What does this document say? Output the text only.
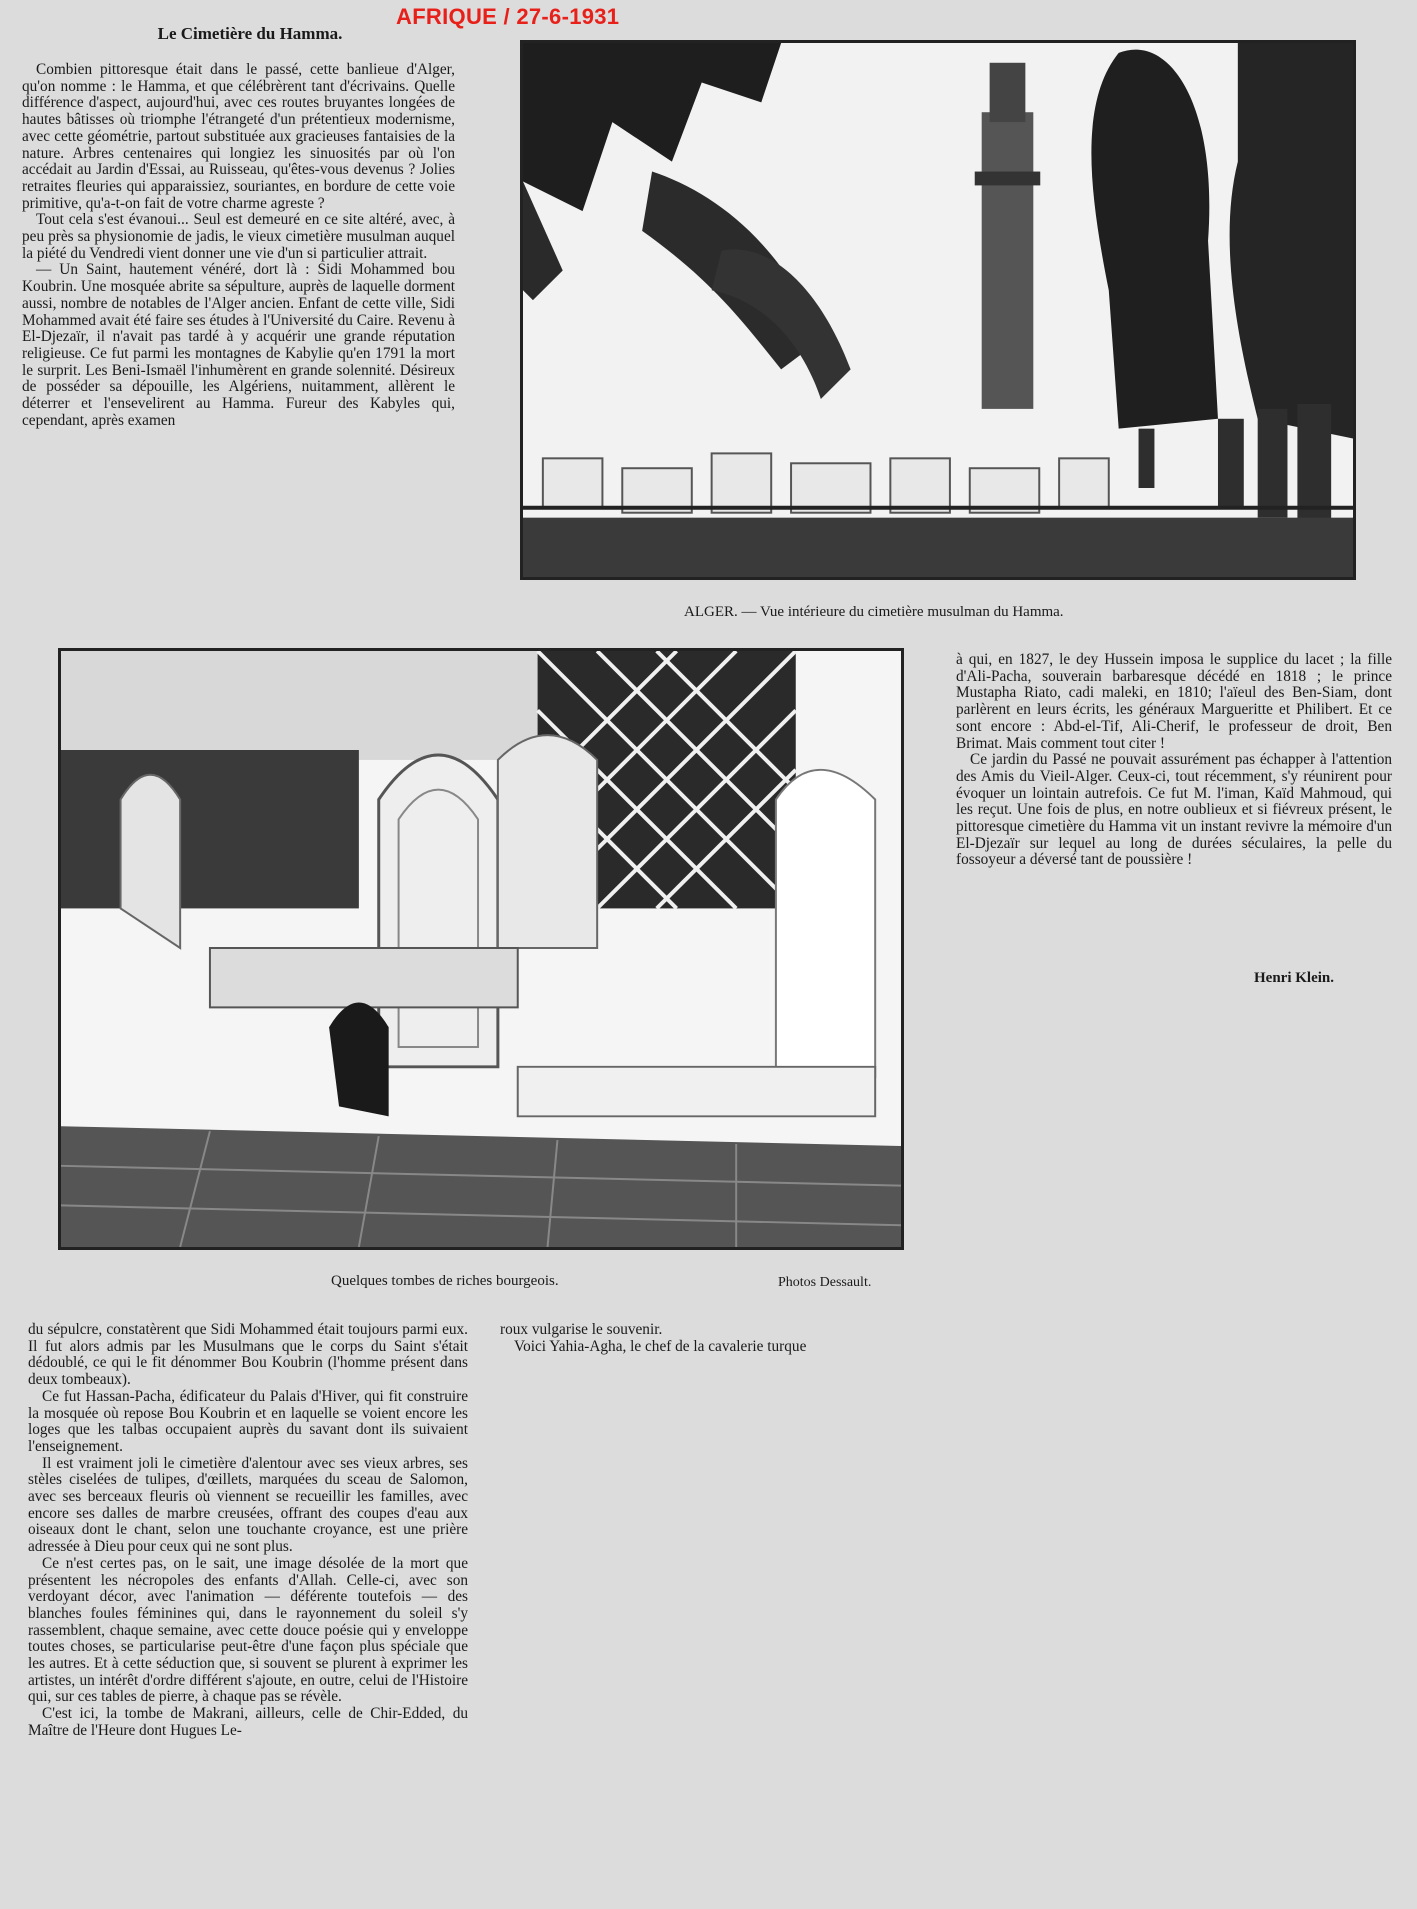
AFRIQUE / 27-6-1931
Le Cimetière du Hamma.

Combien pittoresque était dans le passé, cette banlieue d'Alger, qu'on nomme : le Hamma, et que célébrèrent tant d'écrivains. Quelle différence d'aspect, aujourd'hui, avec ces routes bruyantes longées de hautes bâtisses où triomphe l'étrangeté d'un prétentieux modernisme, avec cette géométrie, partout substituée aux gracieuses fantaisies de la nature. Arbres centenaires qui longiez les sinuosités par où l'on accédait au Jardin d'Essai, au Ruisseau, qu'êtes-vous devenus ? Jolies retraites fleuries qui apparaissiez, souriantes, en bordure de cette voie primitive, qu'a-t-on fait de votre charme agreste ?

Tout cela s'est évanoui... Seul est demeuré en ce site altéré, avec, à peu près sa physionomie de jadis, le vieux cimetière musulman auquel la piété du Vendredi vient donner une vie d'un si particulier attrait.

— Un Saint, hautement vénéré, dort là : Sidi Mohammed bou Koubrin. Une mosquée abrite sa sépulture, auprès de laquelle dorment aussi, nombre de notables de l'Alger ancien. Enfant de cette ville, Sidi Mohammed avait été faire ses études à l'Université du Caire. Revenu à El-Djezaïr, il n'avait pas tardé à y acquérir une grande réputation religieuse. Ce fut parmi les montagnes de Kabylie qu'en 1791 la mort le surprit. Les Beni-Ismaël l'inhumèrent en grande solennité. Désireux de posséder sa dépouille, les Algériens, nuitamment, allèrent le déterrer et l'ensevelirent au Hamma. Fureur des Kabyles qui, cependant, après examen

ALGER. — Vue intérieure du cimetière musulman du Hamma.
Quelques tombes de riches bourgeois.	Photos Dessault.

à qui, en 1827, le dey Hussein imposa le supplice du lacet ; la fille d'Ali-Pacha, souverain barbaresque décédé en 1818 ; le prince Mustapha Riato, cadi maleki, en 1810; l'aïeul des Ben-Siam, dont parlèrent en leurs écrits, les généraux Margueritte et Philibert. Et ce sont encore : Abd-el-Tif, Ali-Cherif, le professeur de droit, Ben Brimat. Mais comment tout citer !

Ce jardin du Passé ne pouvait assurément pas échapper à l'attention des Amis du Vieil-Alger. Ceux-ci, tout récemment, s'y réunirent pour évoquer un lointain autrefois. Ce fut M. l'iman, Kaïd Mahmoud, qui les reçut. Une fois de plus, en notre oublieux et si fiévreux présent, le pittoresque cimetière du Hamma vit un instant revivre la mémoire d'un El-Djezaïr sur lequel au long de durées séculaires, la pelle du fossoyeur a déversé tant de poussière !

Henri Klein.

du sépulcre, constatèrent que Sidi Mohammed était toujours parmi eux. Il fut alors admis par les Musulmans que le corps du Saint s'était dédoublé, ce qui le fit dénommer Bou Koubrin (l'homme présent dans deux tombeaux).

Ce fut Hassan-Pacha, édificateur du Palais d'Hiver, qui fit construire la mosquée où repose Bou Koubrin et en laquelle se voient encore les loges que les talbas occupaient auprès du savant dont ils suivaient l'enseignement.

Il est vraiment joli le cimetière d'alentour avec ses vieux arbres, ses stèles ciselées de tulipes, d'œillets, marquées du sceau de Salomon, avec ses berceaux fleuris où viennent se recueillir les familles, avec encore ses dalles de marbre creusées, offrant des coupes d'eau aux oiseaux dont le chant, selon une touchante croyance, est une prière adressée à Dieu pour ceux qui ne sont plus.

Ce n'est certes pas, on le sait, une image désolée de la mort que présentent les nécropoles des enfants d'Allah. Celle-ci, avec son verdoyant décor, avec l'animation — déférente toutefois — des blanches foules féminines qui, dans le rayonnement du soleil s'y rassemblent, chaque semaine, avec cette douce poésie qui y enveloppe toutes choses, se particularise peut-être d'une façon plus spéciale que les autres. Et à cette séduction que, si souvent se plurent à exprimer les artistes, un intérêt d'ordre différent s'ajoute, en outre, celui de l'Histoire qui, sur ces tables de pierre, à chaque pas se révèle.

C'est ici, la tombe de Makrani, ailleurs, celle de Chir-Edded, du Maître de l'Heure dont Hugues Le-

roux vulgarise le souvenir.

Voici Yahia-Agha, le chef de la cavalerie turque
